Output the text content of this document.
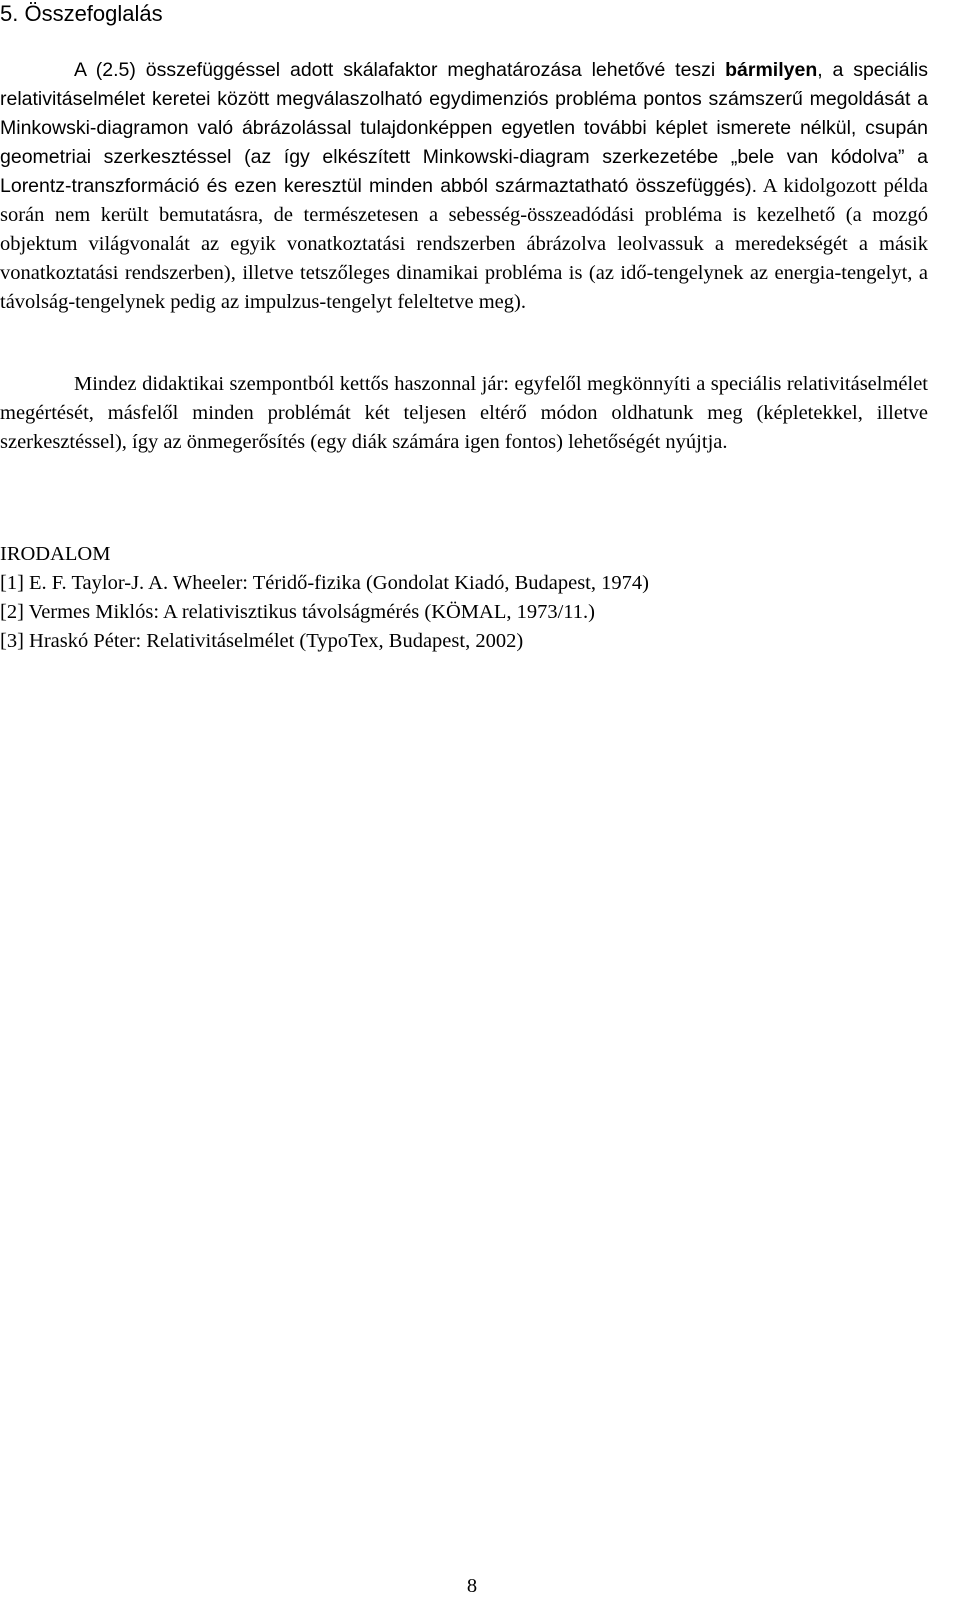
5. Összefoglalás

A (2.5) összefüggéssel adott skálafaktor meghatározása lehetővé teszi bármilyen, a speciális relativitáselmélet keretei között megválaszolható egydimenziós probléma pontos számszerű megoldását a Minkowski-diagramon való ábrázolással tulajdonképpen egyetlen további képlet ismerete nélkül, csupán geometriai szerkesztéssel (az így elkészített Minkowski-diagram szerkezetébe „bele van kódolva” a Lorentz-transzformáció és ezen keresztül minden abból származtatható összefüggés). A kidolgozott példa során nem került bemutatásra, de természetesen a sebesség-összeadódási probléma is kezelhető (a mozgó objektum világvonalát az egyik vonatkoztatási rendszerben ábrázolva leolvassuk a meredekségét a másik vonatkoztatási rendszerben), illetve tetszőleges dinamikai probléma is (az idő-tengelynek az energia-tengelyt, a távolság-tengelynek pedig az impulzus-tengelyt feleltetve meg).

Mindez didaktikai szempontból kettős haszonnal jár: egyfelől megkönnyíti a speciális relativitáselmélet megértését, másfelől minden problémát két teljesen eltérő módon oldhatunk meg (képletekkel, illetve szerkesztéssel), így az önmegerősítés (egy diák számára igen fontos) lehetőségét nyújtja.

IRODALOM
[1] E. F. Taylor-J. A. Wheeler: Téridő-fizika (Gondolat Kiadó, Budapest, 1974)
[2] Vermes Miklós: A relativisztikus távolságmérés (KÖMAL, 1973/11.)
[3] Hraskó Péter: Relativitáselmélet (TypoTex, Budapest, 2002)
8
